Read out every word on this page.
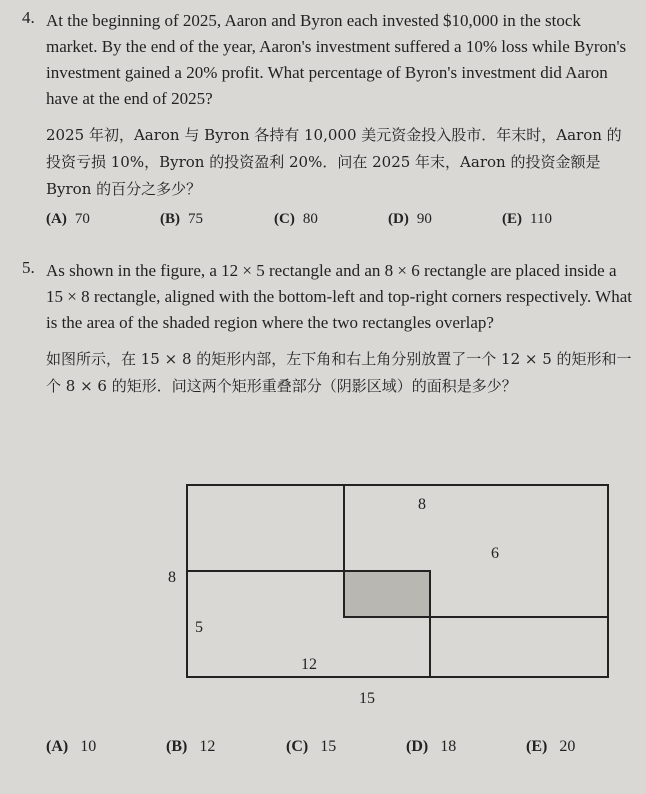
4. At the beginning of 2025, Aaron and Byron each invested $10,000 in the stock market. By the end of the year, Aaron's investment suffered a 10% loss while Byron's investment gained a 20% profit. What percentage of Byron's investment did Aaron have at the end of 2025?
2025 年初，Aaron 与 Byron 各持有 10,000 美元资金投入股市．年末时，Aaron 的投资亏损 10%，Byron 的投资盈利 20%．问在 2025 年末，Aaron 的投资金额是 Byron 的百分之多少？
(A) 70	(B) 75	(C) 80	(D) 90	(E) 110
5. As shown in the figure, a 12 × 5 rectangle and an 8 × 6 rectangle are placed inside a 15 × 8 rectangle, aligned with the bottom-left and top-right corners respectively. What is the area of the shaded region where the two rectangles overlap?
如图所示，在 15 × 8 的矩形内部，左下角和右上角分别放置了一个 12 × 5 的矩形和一个 8 × 6 的矩形．问这两个矩形重叠部分（阴影区域）的面积是多少？
8
6
8
5
12
15
(A) 10	(B) 12	(C) 15	(D) 18	(E) 20
